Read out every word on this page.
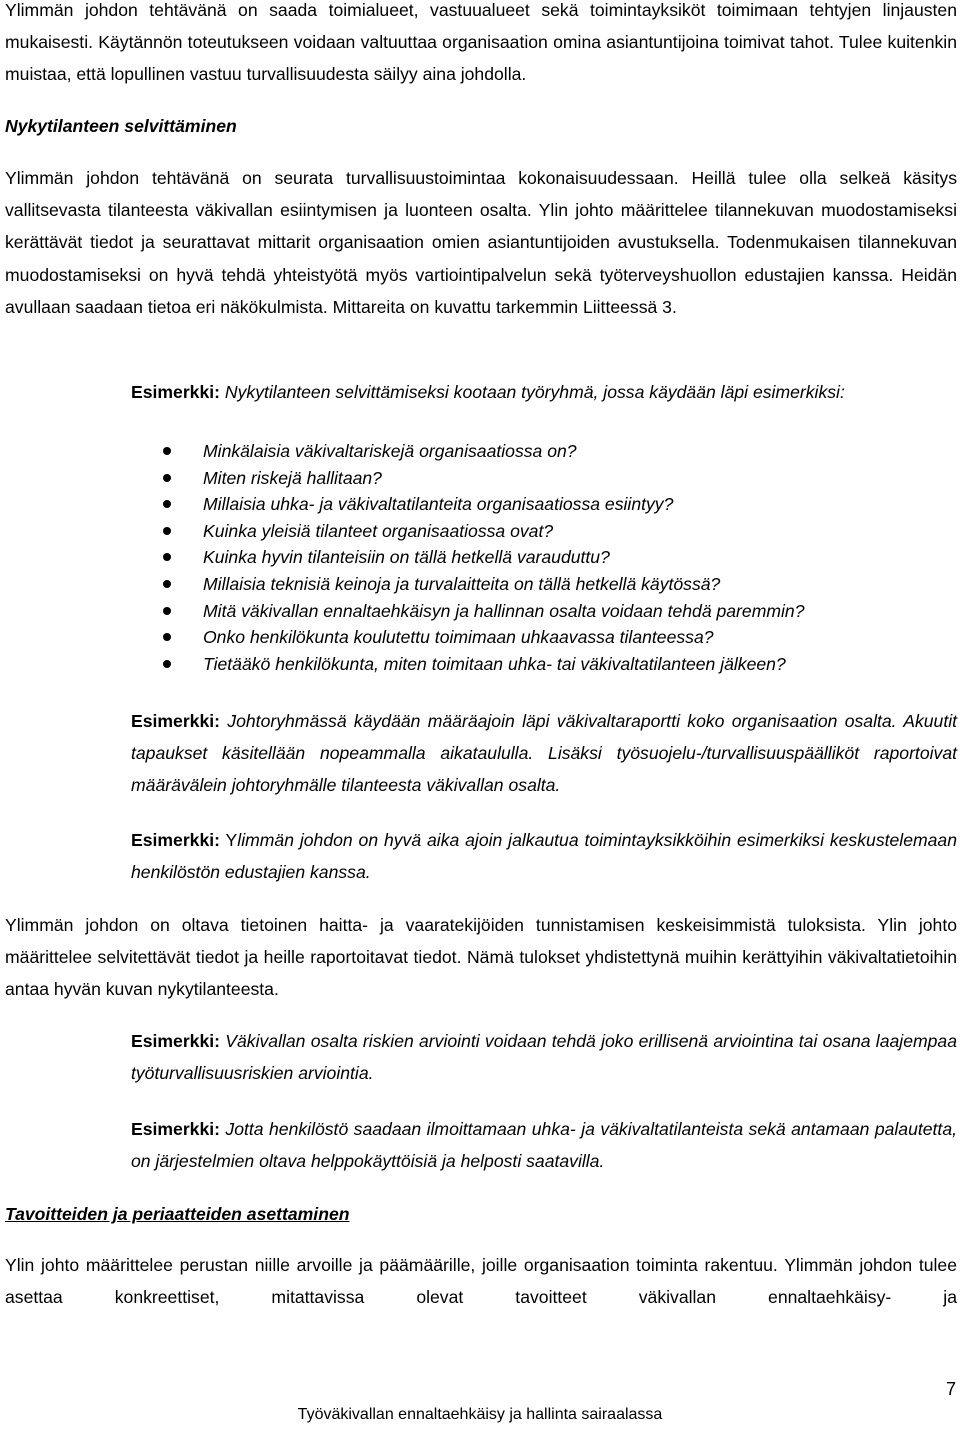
Ylimmän johdon tehtävänä on saada toimialueet, vastuualueet sekä toimintayksiköt toimimaan tehtyjen linjausten mukaisesti. Käytännön toteutukseen voidaan valtuuttaa organisaation omina asiantuntijoina toimivat tahot. Tulee kuitenkin muistaa, että lopullinen vastuu turvallisuudesta säilyy aina johdolla.

Nykytilanteen selvittäminen

Ylimmän johdon tehtävänä on seurata turvallisuustoimintaa kokonaisuudessaan. Heillä tulee olla selkeä käsitys vallitsevasta tilanteesta väkivallan esiintymisen ja luonteen osalta. Ylin johto määrittelee tilannekuvan muodostamiseksi kerättävät tiedot ja seurattavat mittarit organisaation omien asiantuntijoiden avustuksella. Todenmukaisen tilannekuvan muodostamiseksi on hyvä tehdä yhteistyötä myös vartiointipalvelun sekä työterveyshuollon edustajien kanssa. Heidän avullaan saadaan tietoa eri näkökulmista. Mittareita on kuvattu tarkemmin Liitteessä 3.

Esimerkki: Nykytilanteen selvittämiseksi kootaan työryhmä, jossa käydään läpi esimerkiksi:

Minkälaisia väkivaltariskejä organisaatiossa on?
Miten riskejä hallitaan?
Millaisia uhka- ja väkivaltatilanteita organisaatiossa esiintyy?
Kuinka yleisiä tilanteet organisaatiossa ovat?
Kuinka hyvin tilanteisiin on tällä hetkellä varauduttu?
Millaisia teknisiä keinoja ja turvalaitteita on tällä hetkellä käytössä?
Mitä väkivallan ennaltaehkäisyn ja hallinnan osalta voidaan tehdä paremmin?
Onko henkilökunta koulutettu toimimaan uhkaavassa tilanteessa?
Tietääkö henkilökunta, miten toimitaan uhka- tai väkivaltatilanteen jälkeen?

Esimerkki: Johtoryhmässä käydään määräajoin läpi väkivaltaraportti koko organisaation osalta. Akuutit tapaukset käsitellään nopeammalla aikataululla. Lisäksi työsuojelu-/turvallisuuspäälliköt raportoivat määrävälein johtoryhmälle tilanteesta väkivallan osalta.

Esimerkki: Ylimmän johdon on hyvä aika ajoin jalkautua toimintayksikköihin esimerkiksi keskustelemaan henkilöstön edustajien kanssa.

Ylimmän johdon on oltava tietoinen haitta- ja vaaratekijöiden tunnistamisen keskeisimmistä tuloksista. Ylin johto määrittelee selvitettävät tiedot ja heille raportoitavat tiedot. Nämä tulokset yhdistettynä muihin kerättyihin väkivaltatietoihin antaa hyvän kuvan nykytilanteesta.

Esimerkki: Väkivallan osalta riskien arviointi voidaan tehdä joko erillisenä arviointina tai osana laajempaa työturvallisuusriskien arviointia.

Esimerkki: Jotta henkilöstö saadaan ilmoittamaan uhka- ja väkivaltatilanteista sekä antamaan palautetta, on järjestelmien oltava helppokäyttöisiä ja helposti saatavilla.

Tavoitteiden ja periaatteiden asettaminen

Ylin johto määrittelee perustan niille arvoille ja päämäärille, joille organisaation toiminta rakentuu. Ylimmän johdon tulee asettaa konkreettiset, mitattavissa olevat tavoitteet väkivallan ennaltaehkäisy- ja

7
Työväkivallan ennaltaehkäisy ja hallinta sairaalassa
